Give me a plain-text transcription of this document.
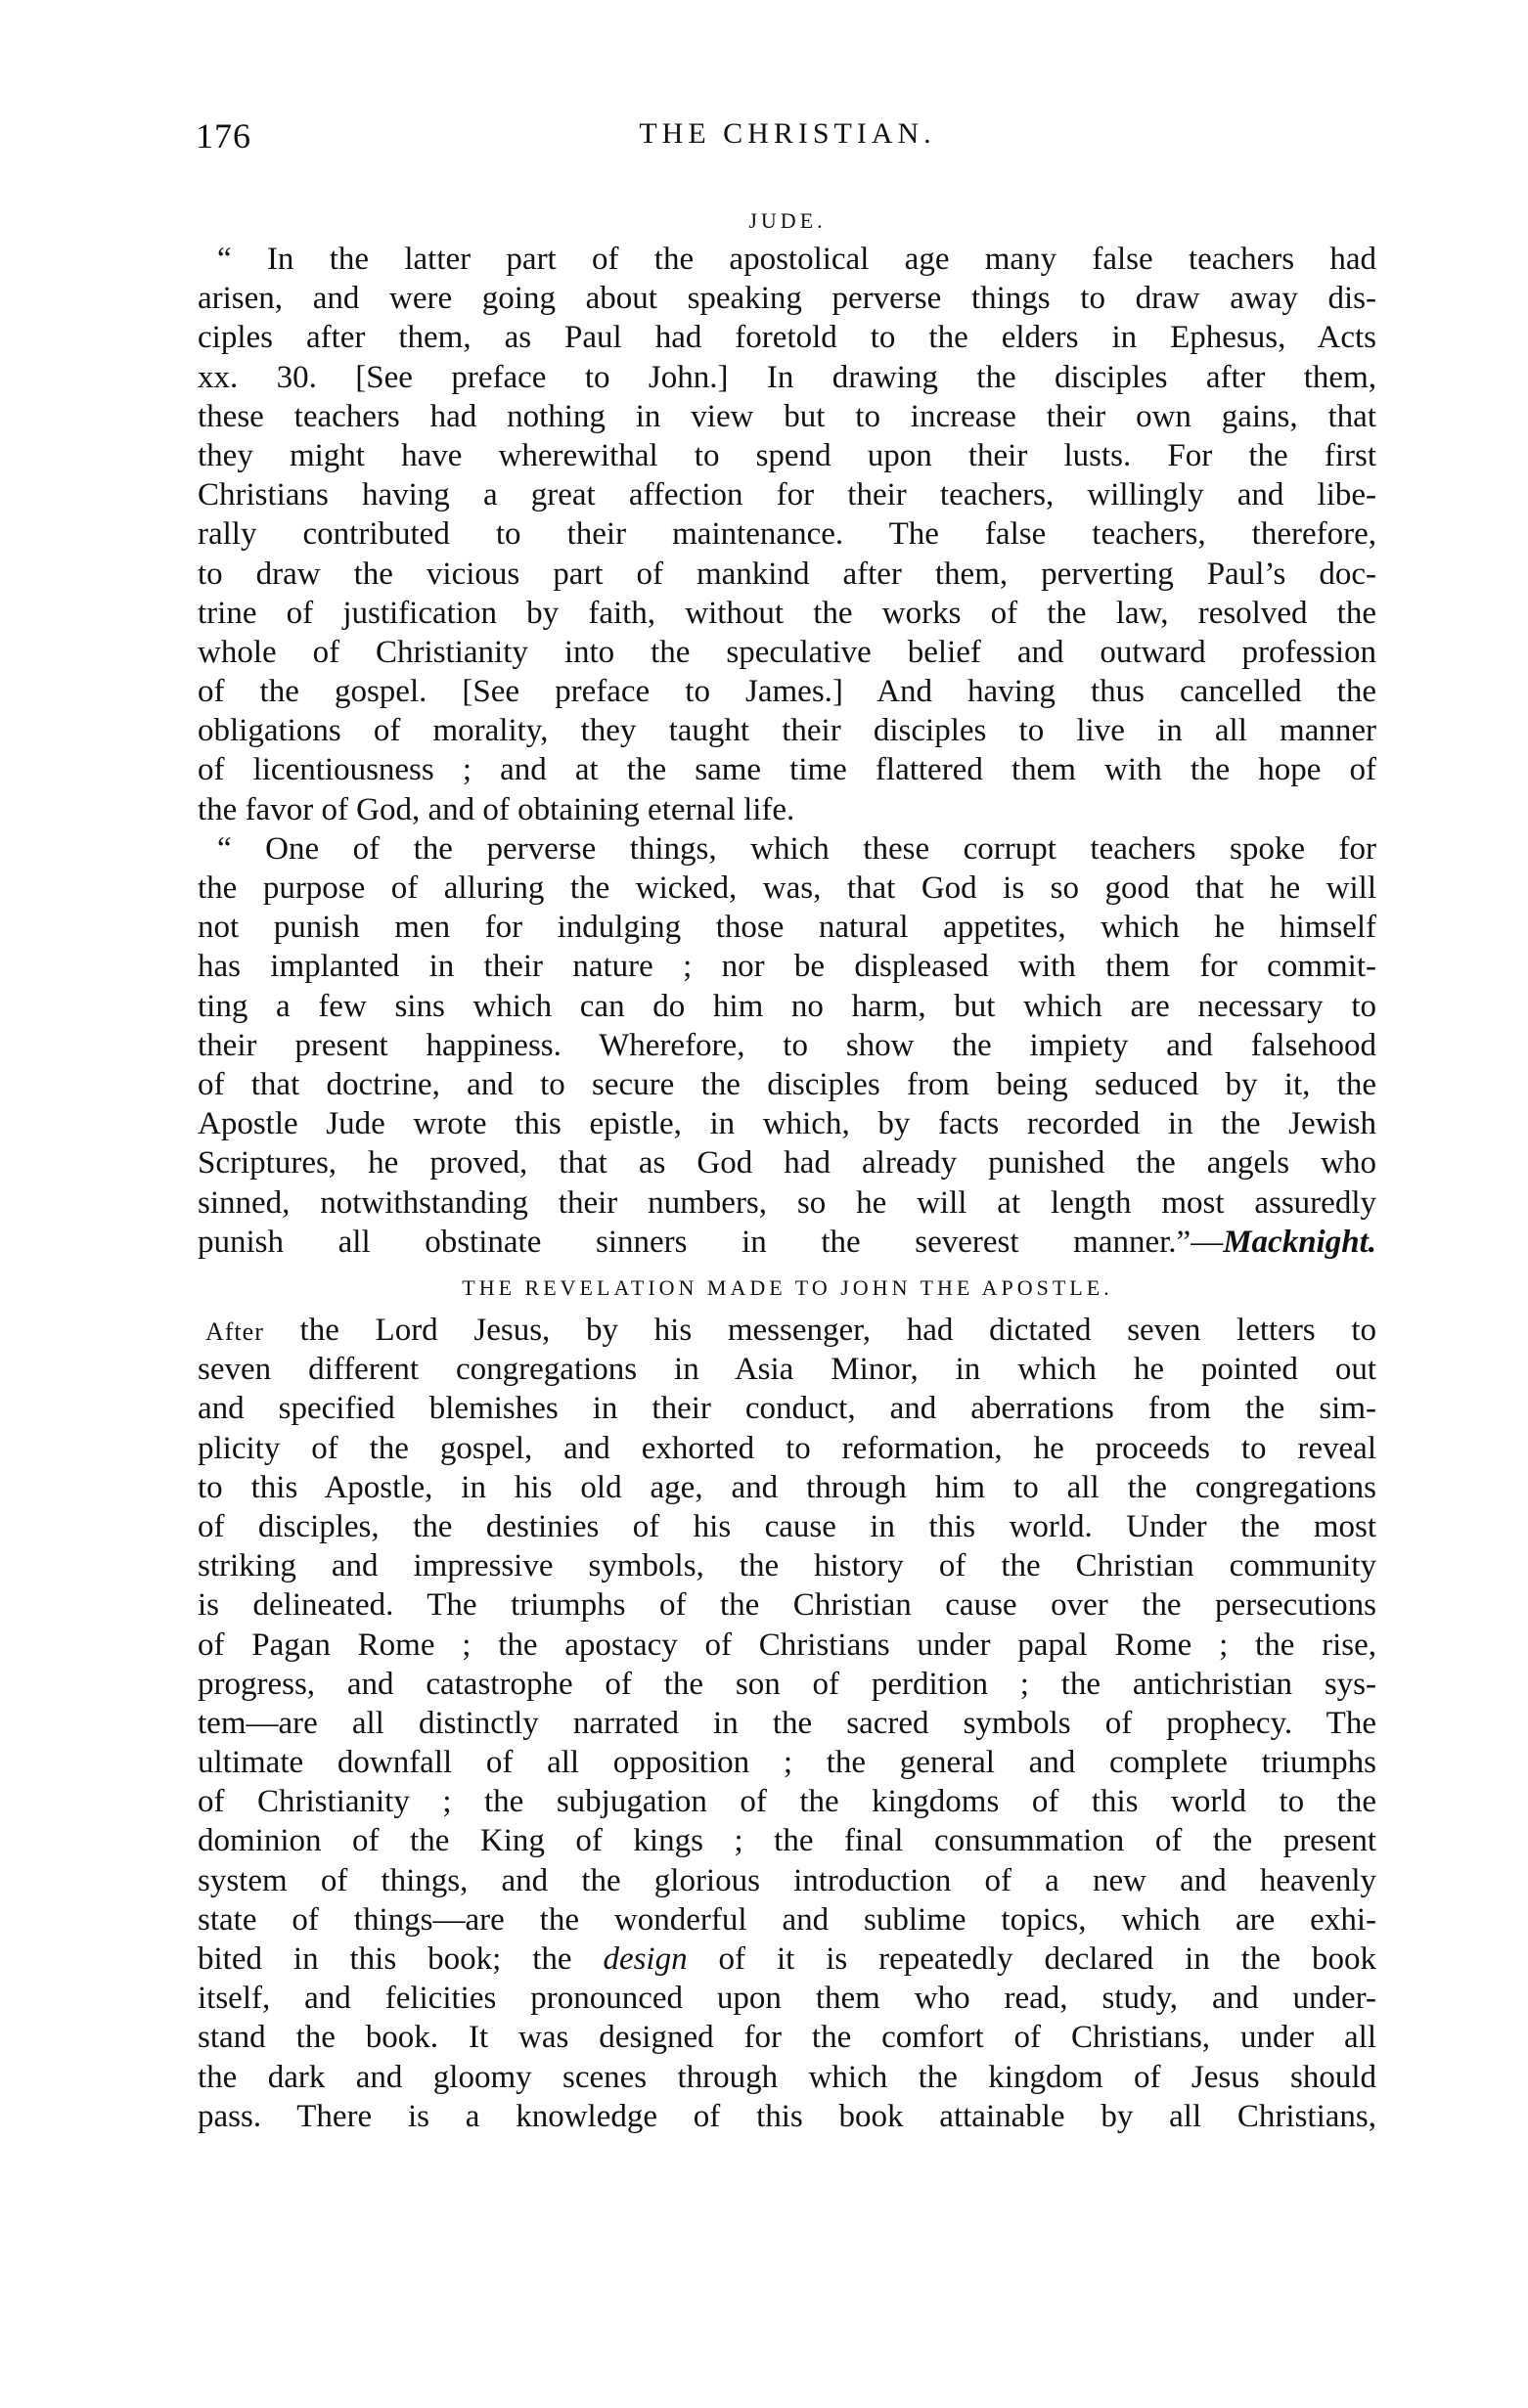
176	THE CHRISTIAN.
JUDE.
“ In the latter part of the apostolical age many false teachers had
arisen, and were going about speaking perverse things to draw away dis-
ciples after them, as Paul had foretold to the elders in Ephesus, Acts
xx. 30. [See preface to John.] In drawing the disciples after them,
these teachers had nothing in view but to increase their own gains, that
they might have wherewithal to spend upon their lusts. For the first
Christians having a great affection for their teachers, willingly and libe-
rally contributed to their maintenance. The false teachers, therefore,
to draw the vicious part of mankind after them, perverting Paul’s doc-
trine of justification by faith, without the works of the law, resolved the
whole of Christianity into the speculative belief and outward profession
of the gospel. [See preface to James.] And having thus cancelled the
obligations of morality, they taught their disciples to live in all manner
of licentiousness ; and at the same time flattered them with the hope of
the favor of God, and of obtaining eternal life.
“ One of the perverse things, which these corrupt teachers spoke for
the purpose of alluring the wicked, was, that God is so good that he will
not punish men for indulging those natural appetites, which he himself
has implanted in their nature ; nor be displeased with them for commit-
ting a few sins which can do him no harm, but which are necessary to
their present happiness. Wherefore, to show the impiety and falsehood
of that doctrine, and to secure the disciples from being seduced by it, the
Apostle Jude wrote this epistle, in which, by facts recorded in the Jewish
Scriptures, he proved, that as God had already punished the angels who
sinned, notwithstanding their numbers, so he will at length most assuredly
punish all obstinate sinners in the severest manner.”—Macknight.
THE REVELATION MADE TO JOHN THE APOSTLE.
After the Lord Jesus, by his messenger, had dictated seven letters to
seven different congregations in Asia Minor, in which he pointed out
and specified blemishes in their conduct, and aberrations from the sim-
plicity of the gospel, and exhorted to reformation, he proceeds to reveal
to this Apostle, in his old age, and through him to all the congregations
of disciples, the destinies of his cause in this world. Under the most
striking and impressive symbols, the history of the Christian community
is delineated. The triumphs of the Christian cause over the persecutions
of Pagan Rome ; the apostacy of Christians under papal Rome ; the rise,
progress, and catastrophe of the son of perdition ; the antichristian sys-
tem—are all distinctly narrated in the sacred symbols of prophecy. The
ultimate downfall of all opposition ; the general and complete triumphs
of Christianity ; the subjugation of the kingdoms of this world to the
dominion of the King of kings ; the final consummation of the present
system of things, and the glorious introduction of a new and heavenly
state of things—are the wonderful and sublime topics, which are exhi-
bited in this book; the design of it is repeatedly declared in the book
itself, and felicities pronounced upon them who read, study, and under-
stand the book. It was designed for the comfort of Christians, under all
the dark and gloomy scenes through which the kingdom of Jesus should
pass. There is a knowledge of this book attainable by all Christians,
